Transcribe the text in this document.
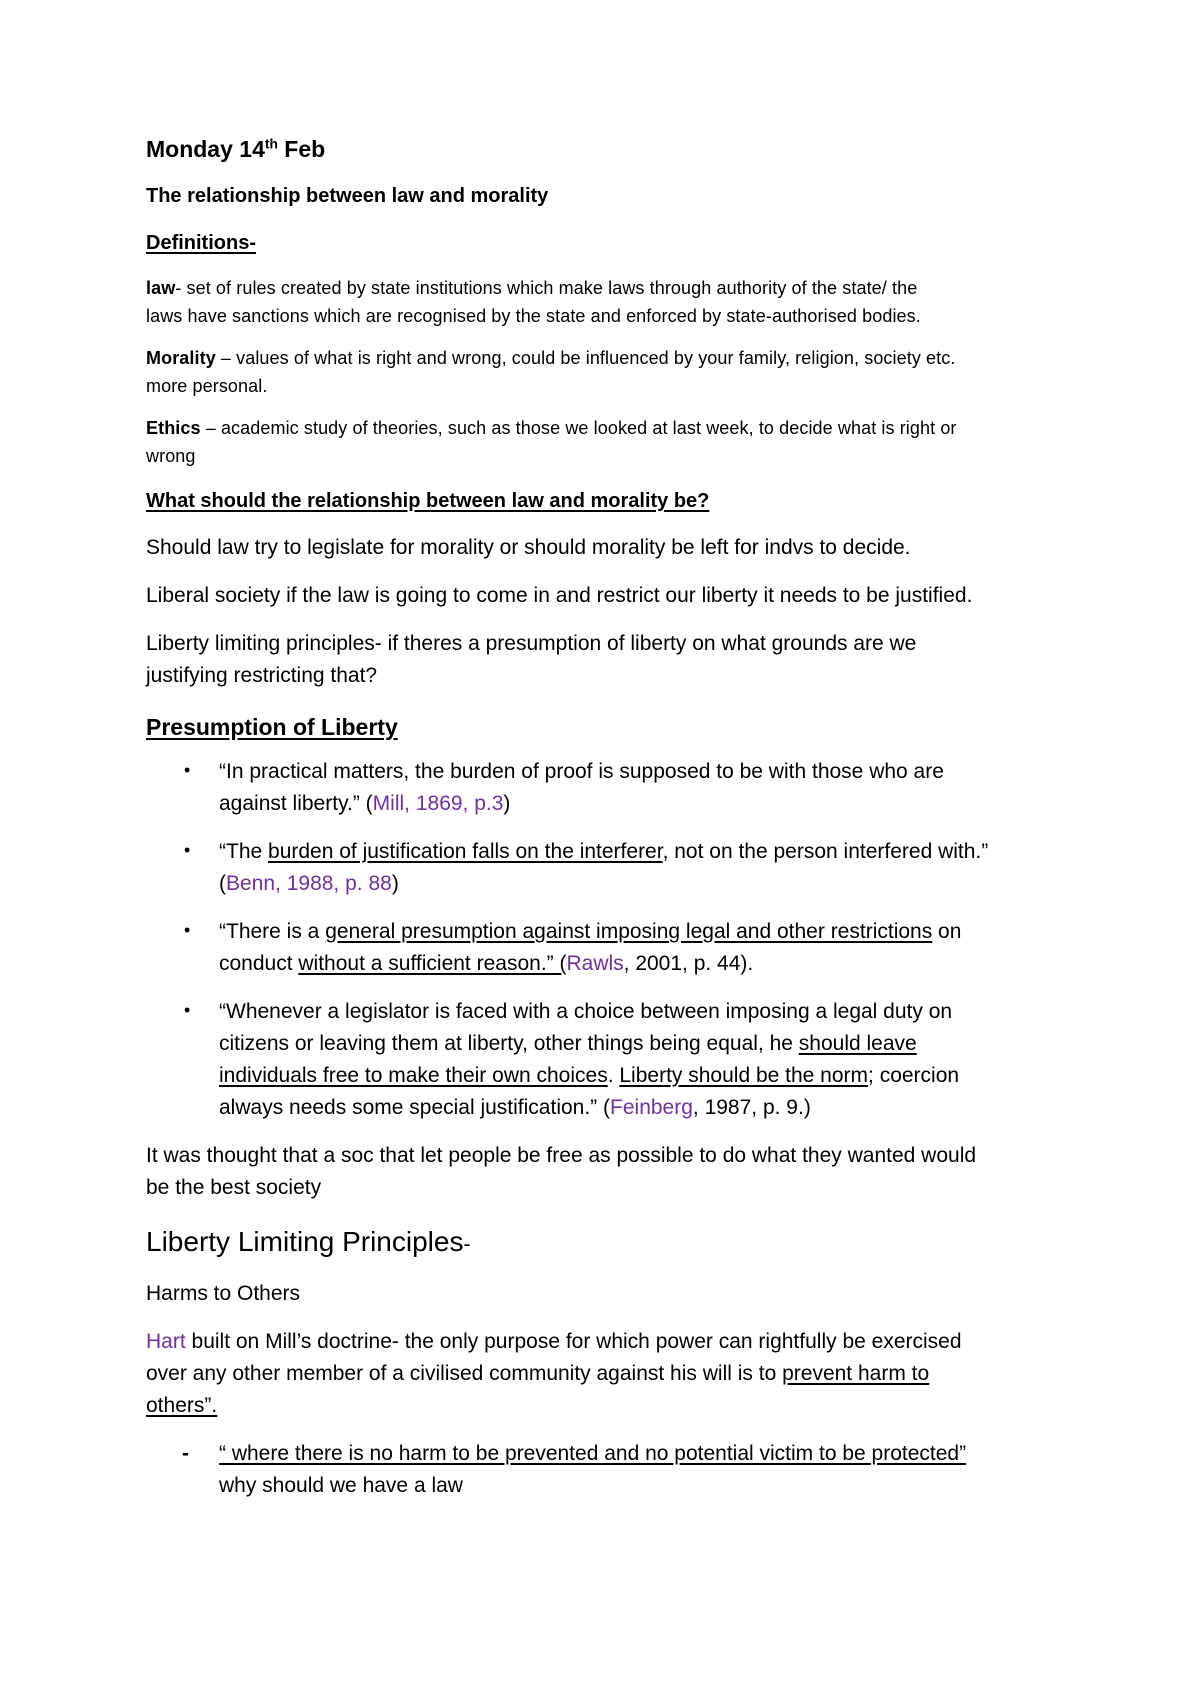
Monday 14th Feb
The relationship between law and morality
Definitions-
law- set of rules created by state institutions which make laws through authority of the state/ the
laws have sanctions which are recognised by the state and enforced by state-authorised bodies.
Morality – values of what is right and wrong, could be influenced by your family, religion, society etc.
more personal.
Ethics – academic study of theories, such as those we looked at last week, to decide what is right or
wrong
What should the relationship between law and morality be?
Should law try to legislate for morality or should morality be left for indvs to decide.
Liberal society if the law is going to come in and restrict our liberty it needs to be justified.
Liberty limiting principles- if theres a presumption of liberty on what grounds are we
justifying restricting that?
Presumption of Liberty
• “In practical matters, the burden of proof is supposed to be with those who are
against liberty.” (Mill, 1869, p.3)
• “The burden of justification falls on the interferer, not on the person interfered with.”
(Benn, 1988, p. 88)
• “There is a general presumption against imposing legal and other restrictions on
conduct without a sufficient reason.” (Rawls, 2001, p. 44).
• “Whenever a legislator is faced with a choice between imposing a legal duty on
citizens or leaving them at liberty, other things being equal, he should leave
individuals free to make their own choices. Liberty should be the norm; coercion
always needs some special justification.” (Feinberg, 1987, p. 9.)
It was thought that a soc that let people be free as possible to do what they wanted would
be the best society
Liberty Limiting Principles-
Harms to Others
Hart built on Mill’s doctrine- the only purpose for which power can rightfully be exercised
over any other member of a civilised community against his will is to prevent harm to
others”.
- “ where there is no harm to be prevented and no potential victim to be protected”
why should we have a law
